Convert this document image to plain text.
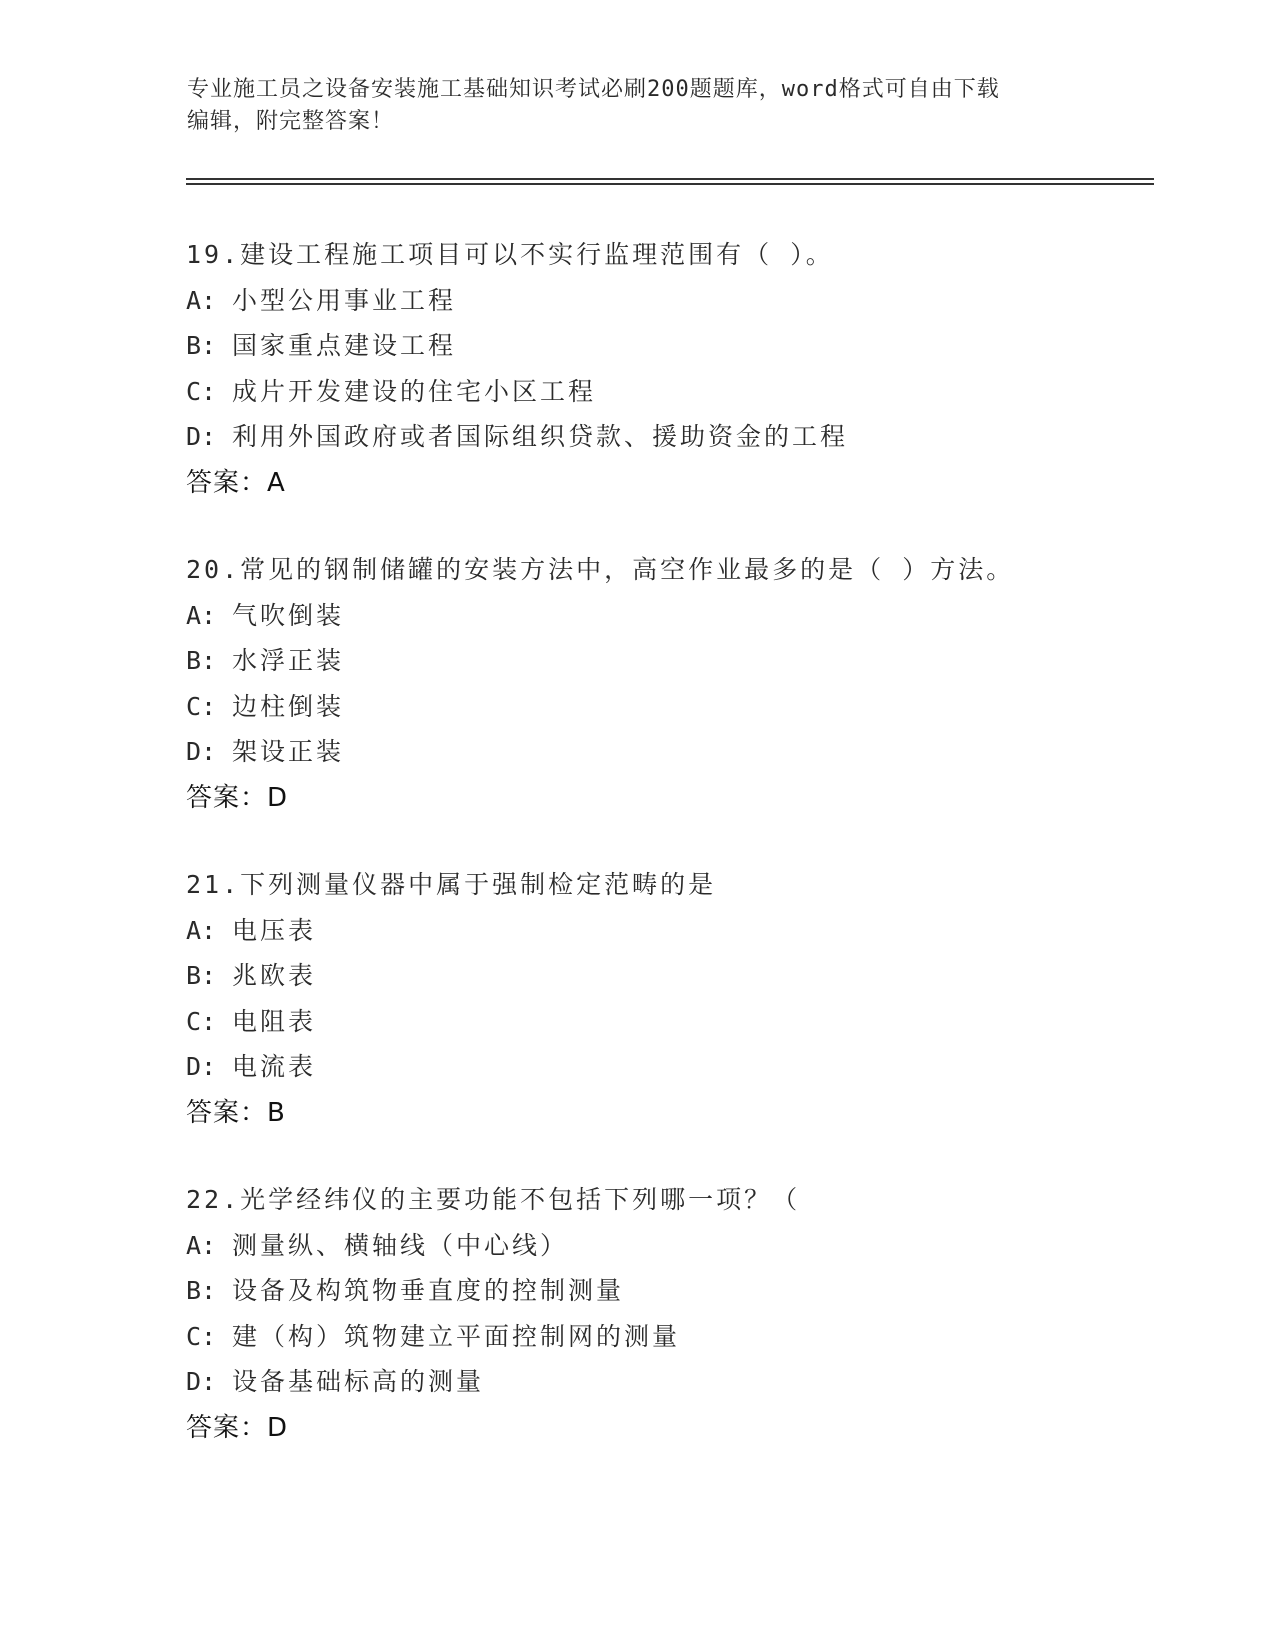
专业施工员之设备安装施工基础知识考试必刷200题题库，word格式可自由下载
编辑，附完整答案！
19.建设工程施工项目可以不实行监理范围有（ ）。
A: 小型公用事业工程
B: 国家重点建设工程
C: 成片开发建设的住宅小区工程
D: 利用外国政府或者国际组织贷款、援助资金的工程
答案：A
20.常见的钢制储罐的安装方法中，高空作业最多的是（ ）方法。
A: 气吹倒装
B: 水浮正装
C: 边柱倒装
D: 架设正装
答案：D
21.下列测量仪器中属于强制检定范畴的是
A: 电压表
B: 兆欧表
C: 电阻表
D: 电流表
答案：B
22.光学经纬仪的主要功能不包括下列哪一项？（
A: 测量纵、横轴线（中心线）
B: 设备及构筑物垂直度的控制测量
C: 建（构）筑物建立平面控制网的测量
D: 设备基础标高的测量
答案：D
